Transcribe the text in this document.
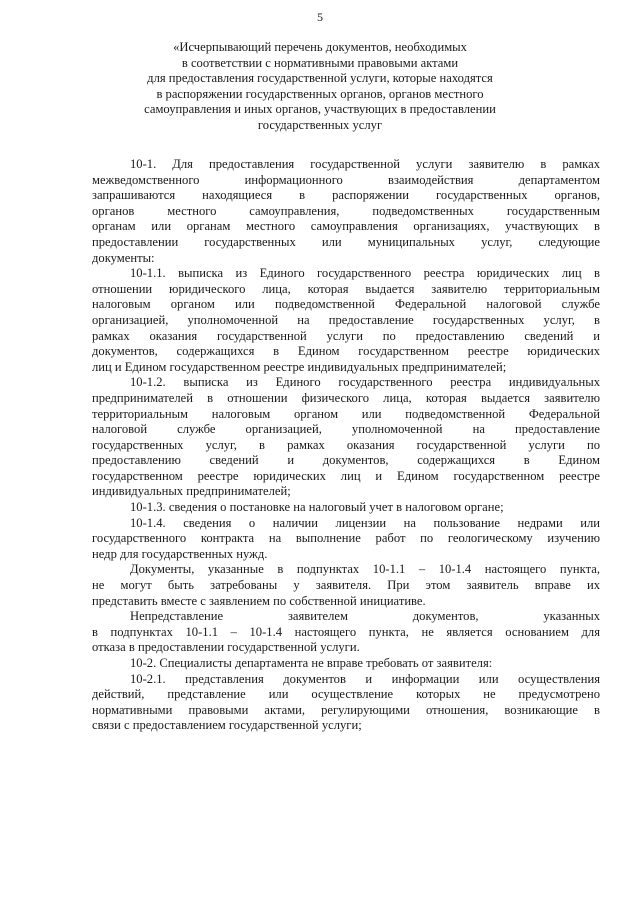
5
«Исчерпывающий перечень документов, необходимых
в соответствии с нормативными правовыми актами
для предоставления государственной услуги, которые находятся
в распоряжении государственных органов, органов местного
самоуправления и иных органов, участвующих в предоставлении
государственных услуг

10-1. Для предоставления государственной услуги заявителю в рамках
межведомственного информационного взаимодействия департаментом
запрашиваются находящиеся в распоряжении государственных органов,
органов местного самоуправления, подведомственных государственным
органам или органам местного самоуправления организациях, участвующих в
предоставлении государственных или муниципальных услуг, следующие
документы:

10-1.1. выписка из Единого государственного реестра юридических лиц в
отношении юридического лица, которая выдается заявителю территориальным
налоговым органом или подведомственной Федеральной налоговой службе
организацией, уполномоченной на предоставление государственных услуг, в
рамках оказания государственной услуги по предоставлению сведений и
документов, содержащихся в Едином государственном реестре юридических
лиц и Едином государственном реестре индивидуальных предпринимателей;

10-1.2. выписка из Единого государственного реестра индивидуальных
предпринимателей в отношении физического лица, которая выдается заявителю
территориальным налоговым органом или подведомственной Федеральной
налоговой службе организацией, уполномоченной на предоставление
государственных услуг, в рамках оказания государственной услуги по
предоставлению сведений и документов, содержащихся в Едином
государственном реестре юридических лиц и Едином государственном реестре
индивидуальных предпринимателей;

10-1.3. сведения о постановке на налоговый учет в налоговом органе;

10-1.4. сведения о наличии лицензии на пользование недрами или
государственного контракта на выполнение работ по геологическому изучению
недр для государственных нужд.

Документы, указанные в подпунктах 10-1.1 – 10-1.4 настоящего пункта,
не могут быть затребованы у заявителя. При этом заявитель вправе их
представить вместе с заявлением по собственной инициативе.

Непредставление заявителем документов, указанных
в подпунктах 10-1.1 – 10-1.4 настоящего пункта, не является основанием для
отказа в предоставлении государственной услуги.

10-2. Специалисты департамента не вправе требовать от заявителя:

10-2.1. представления документов и информации или осуществления
действий, представление или осуществление которых не предусмотрено
нормативными правовыми актами, регулирующими отношения, возникающие в
связи с предоставлением государственной услуги;
